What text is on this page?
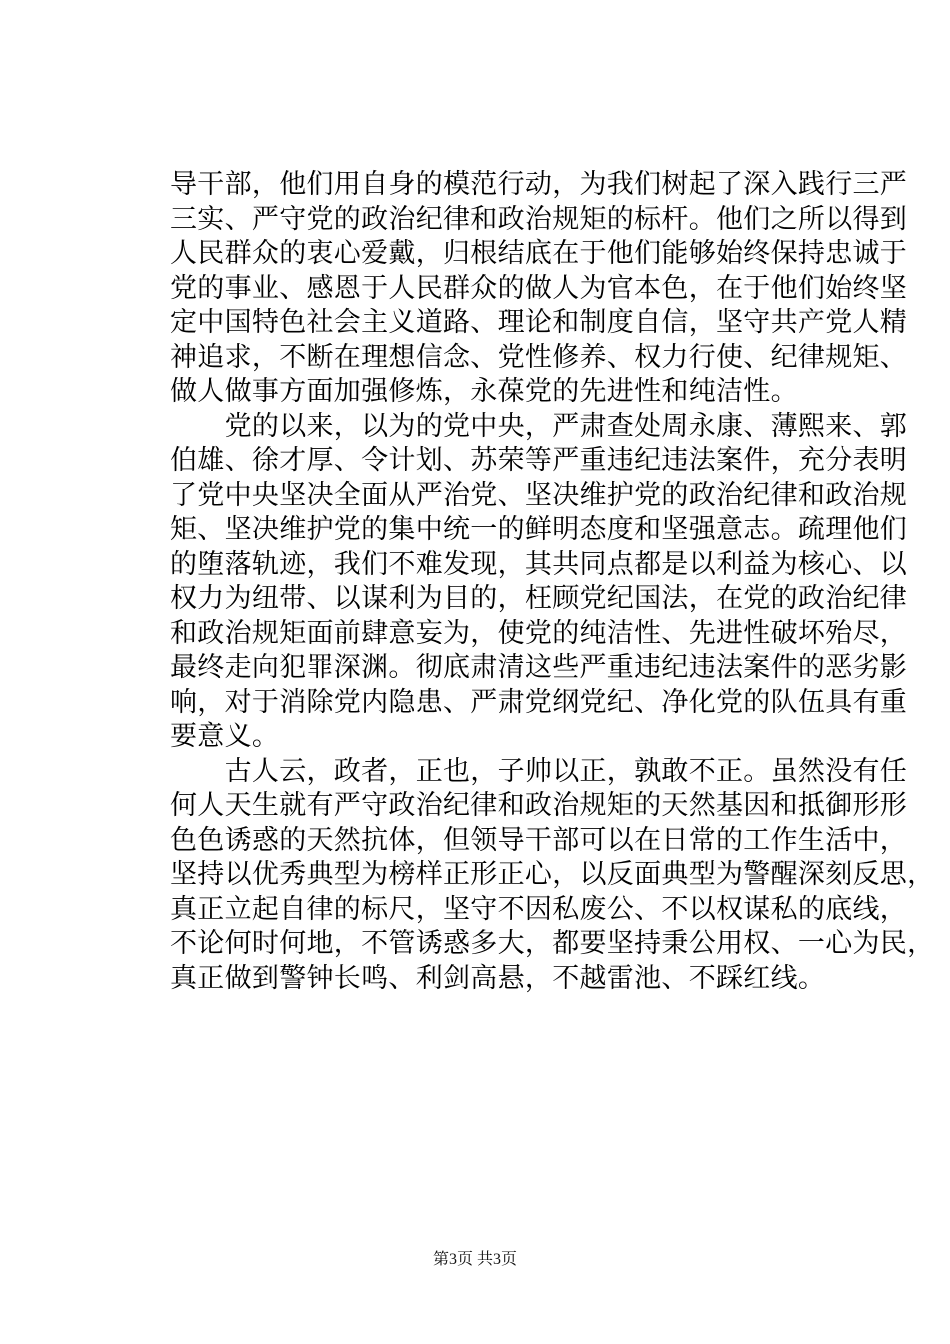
导干部，他们用自身的模范行动，为我们树起了深入践行三严
三实、严守党的政治纪律和政治规矩的标杆。他们之所以得到
人民群众的衷心爱戴，归根结底在于他们能够始终保持忠诚于
党的事业、感恩于人民群众的做人为官本色，在于他们始终坚
定中国特色社会主义道路、理论和制度自信，坚守共产党人精
神追求，不断在理想信念、党性修养、权力行使、纪律规矩、
做人做事方面加强修炼，永葆党的先进性和纯洁性。
　　党的以来，以为的党中央，严肃查处周永康、薄熙来、郭
伯雄、徐才厚、令计划、苏荣等严重违纪违法案件，充分表明
了党中央坚决全面从严治党、坚决维护党的政治纪律和政治规
矩、坚决维护党的集中统一的鲜明态度和坚强意志。疏理他们
的堕落轨迹，我们不难发现，其共同点都是以利益为核心、以
权力为纽带、以谋利为目的，枉顾党纪国法，在党的政治纪律
和政治规矩面前肆意妄为，使党的纯洁性、先进性破坏殆尽，
最终走向犯罪深渊。彻底肃清这些严重违纪违法案件的恶劣影
响，对于消除党内隐患、严肃党纲党纪、净化党的队伍具有重
要意义。
　　古人云，政者，正也，子帅以正，孰敢不正。虽然没有任
何人天生就有严守政治纪律和政治规矩的天然基因和抵御形形
色色诱惑的天然抗体，但领导干部可以在日常的工作生活中，
坚持以优秀典型为榜样正形正心，以反面典型为警醒深刻反思，
真正立起自律的标尺，坚守不因私废公、不以权谋私的底线，
不论何时何地，不管诱惑多大，都要坚持秉公用权、一心为民，
真正做到警钟长鸣、利剑高悬，不越雷池、不踩红线。
第3页 共3页
